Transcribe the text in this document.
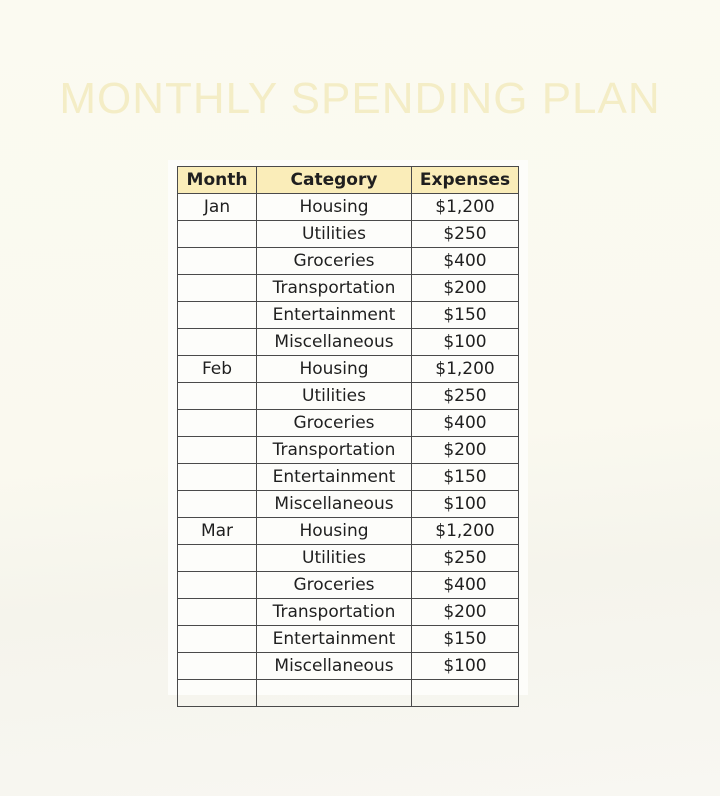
MONTHLY SPENDING PLAN
Month	Category	Expenses
Jan	Housing	$1,200
	Utilities	$250
	Groceries	$400
	Transportation	$200
	Entertainment	$150
	Miscellaneous	$100
Feb	Housing	$1,200
	Utilities	$250
	Groceries	$400
	Transportation	$200
	Entertainment	$150
	Miscellaneous	$100
Mar	Housing	$1,200
	Utilities	$250
	Groceries	$400
	Transportation	$200
	Entertainment	$150
	Miscellaneous	$100
